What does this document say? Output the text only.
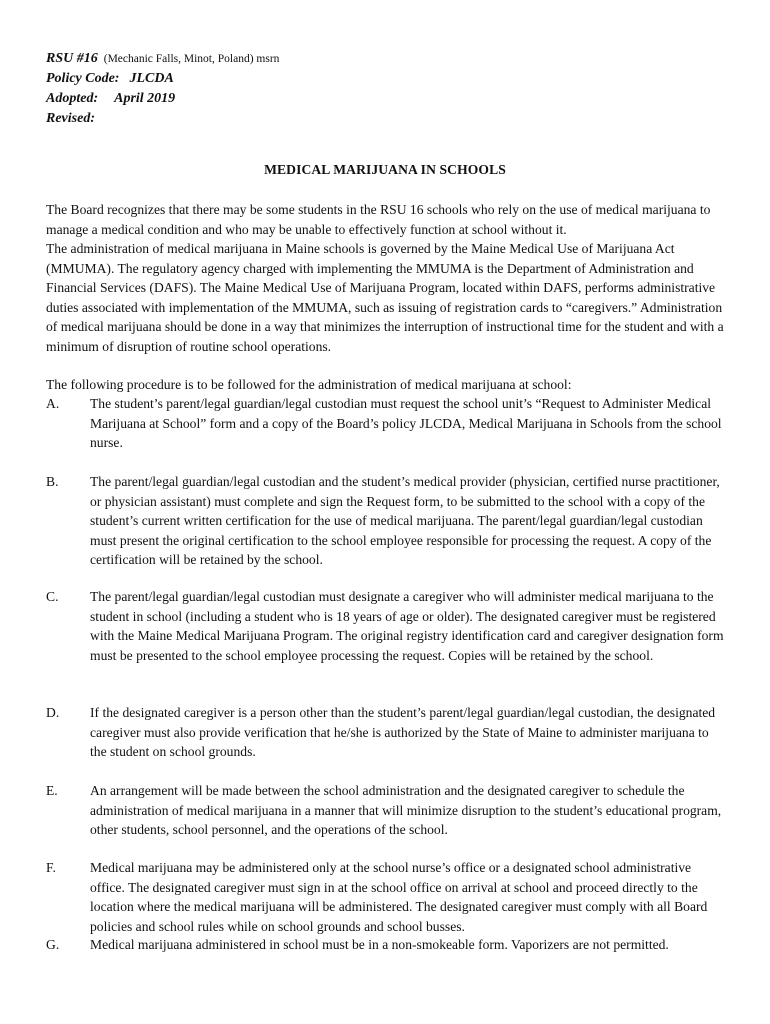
RSU #16 (Mechanic Falls, Minot, Poland) msrn
Policy Code: JLCDA
Adopted: April 2019
Revised:
MEDICAL MARIJUANA IN SCHOOLS

The Board recognizes that there may be some students in the RSU 16 schools who rely on the use of medical marijuana to manage a medical condition and who may be unable to effectively function at school without it.

The administration of medical marijuana in Maine schools is governed by the Maine Medical Use of Marijuana Act (MMUMA). The regulatory agency charged with implementing the MMUMA is the Department of Administration and Financial Services (DAFS). The Maine Medical Use of Marijuana Program, located within DAFS, performs administrative duties associated with implementation of the MMUMA, such as issuing of registration cards to “caregivers.” Administration of medical marijuana should be done in a way that minimizes the interruption of instructional time for the student and with a minimum of disruption of routine school operations.

The following procedure is to be followed for the administration of medical marijuana at school:

A. The student’s parent/legal guardian/legal custodian must request the school unit’s “Request to Administer Medical Marijuana at School” form and a copy of the Board’s policy JLCDA, Medical Marijuana in Schools from the school nurse.
B. The parent/legal guardian/legal custodian and the student’s medical provider (physician, certified nurse practitioner, or physician assistant) must complete and sign the Request form, to be submitted to the school with a copy of the student’s current written certification for the use of medical marijuana. The parent/legal guardian/legal custodian must present the original certification to the school employee responsible for processing the request. A copy of the certification will be retained by the school.
C. The parent/legal guardian/legal custodian must designate a caregiver who will administer medical marijuana to the student in school (including a student who is 18 years of age or older). The designated caregiver must be registered with the Maine Medical Marijuana Program. The original registry identification card and caregiver designation form must be presented to the school employee processing the request. Copies will be retained by the school.
D. If the designated caregiver is a person other than the student’s parent/legal guardian/legal custodian, the designated caregiver must also provide verification that he/she is authorized by the State of Maine to administer marijuana to the student on school grounds.
E. An arrangement will be made between the school administration and the designated caregiver to schedule the administration of medical marijuana in a manner that will minimize disruption to the student’s educational program, other students, school personnel, and the operations of the school.
F.	Medical marijuana may be administered only at the school nurse’s office or a designated school administrative office. The designated caregiver must sign in at the school office on arrival at school and proceed directly to the location where the medical marijuana will be administered. The designated caregiver must comply with all Board policies and school rules while on school grounds and school busses.
G. Medical marijuana administered in school must be in a non-smokeable form. Vaporizers are not permitted.
